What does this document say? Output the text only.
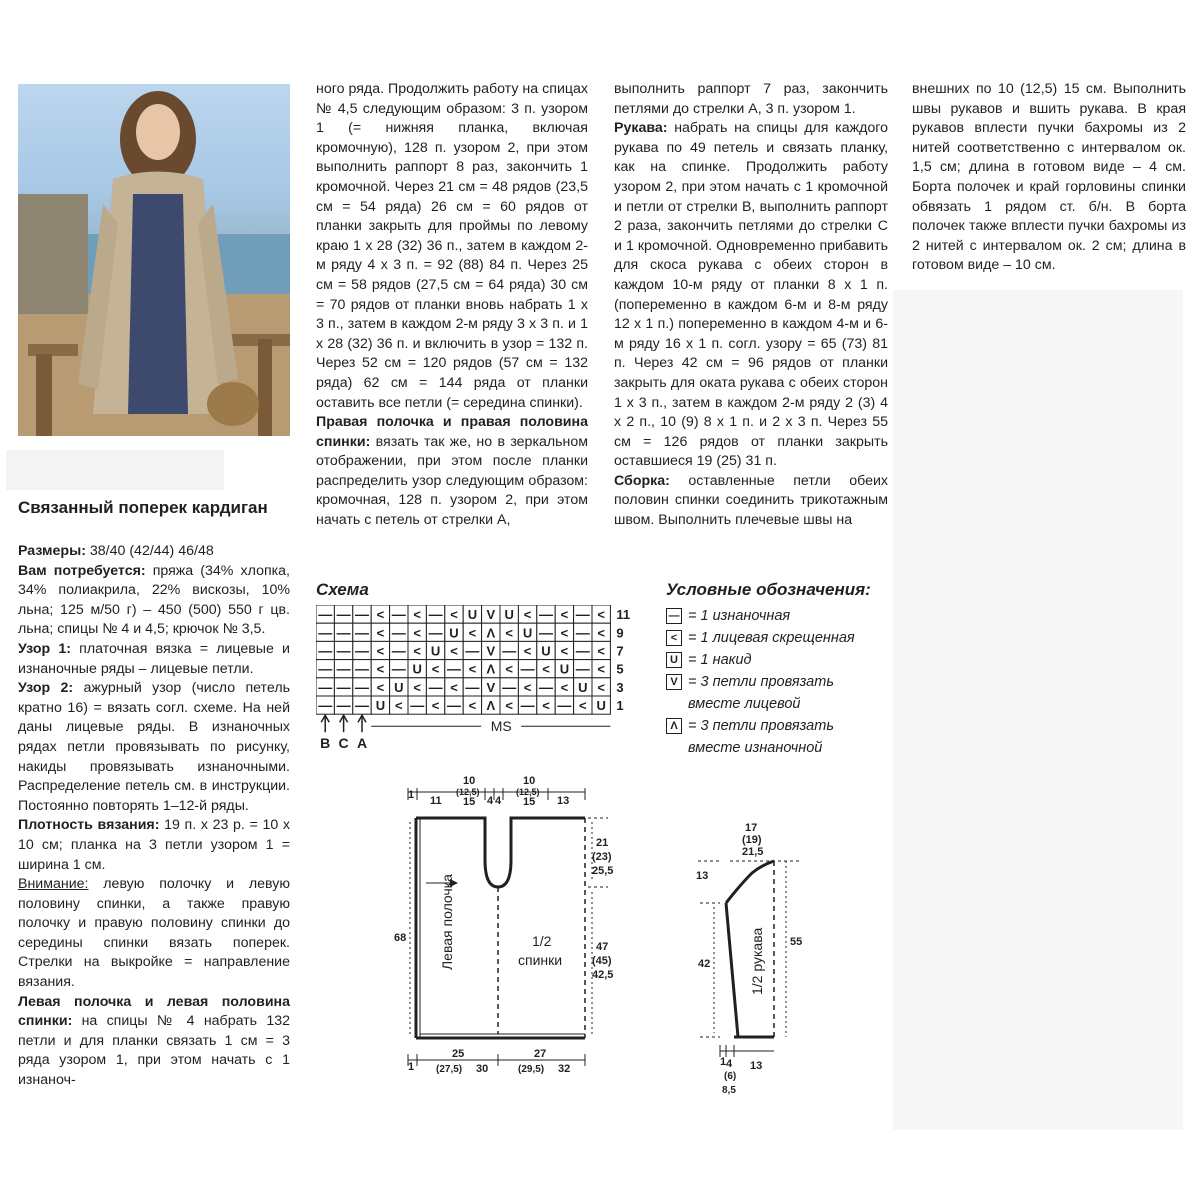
Связанный поперек кардиган

Размеры: 38/40 (42/44) 46/48

Вам потребуется: пряжа (34% хлопка, 34% полиакрила, 22% вискозы, 10% льна; 125 м/50 г) – 450 (500) 550 г цв. льна; спицы № 4 и 4,5; крючок № 3,5.

Узор 1: платочная вязка = лицевые и изнаночные ряды – лицевые петли.

Узор 2: ажурный узор (число петель кратно 16) = вязать согл. схеме. На ней даны лицевые ряды. В изнаночных рядах петли провязывать по рисунку, накиды провязывать изнаночными. Распределение петель см. в инструкции. Постоянно повторять 1–12-й ряды.

Плотность вязания: 19 п. х 23 р. = 10 х 10 см; планка на 3 петли узором 1 = ширина 1 см.

Внимание: левую полочку и левую половину спинки, а также правую полочку и правую половину спинки до середины спинки вязать поперек. Стрелки на выкройке = направление вязания.

Левая полочка и левая половина спинки: на спицы № 4 набрать 132 петли и для планки связать 1 см = 3 ряда узором 1, при этом начать с 1 изнаноч-

ного ряда. Продолжить работу на спицах № 4,5 следующим образом: 3 п. узором 1 (= нижняя планка, включая кромочную), 128 п. узором 2, при этом выполнить раппорт 8 раз, закончить 1 кромочной. Через 21 см = 48 рядов (23,5 см = 54 ряда) 26 см = 60 рядов от планки закрыть для проймы по левому краю 1 х 28 (32) 36 п., затем в каждом 2-м ряду 4 х 3 п. = 92 (88) 84 п. Через 25 см = 58 рядов (27,5 см = 64 ряда) 30 см = 70 рядов от планки вновь набрать 1 х 3 п., затем в каждом 2-м ряду 3 х 3 п. и 1 х 28 (32) 36 п. и включить в узор = 132 п. Через 52 см = 120 рядов (57 см = 132 ряда) 62 см = 144 ряда от планки оставить все петли (= середина спинки).

Правая полочка и правая половина спинки: вязать так же, но в зеркальном отображении, при этом после планки распределить узор следующим образом: кромочная, 128 п. узором 2, при этом начать с петель от стрелки А,

выполнить раппорт 7 раз, закончить петлями до стрелки А, 3 п. узором 1.

Рукава: набрать на спицы для каждого рукава по 49 петель и связать планку, как на спинке. Продолжить работу узором 2, при этом начать с 1 кромочной и петли от стрелки В, выполнить раппорт 2 раза, закончить петлями до стрелки С и 1 кромочной. Одновременно прибавить для скоса рукава с обеих сторон в каждом 10-м ряду от планки 8 х 1 п. (попеременно в каждом 6-м и 8-м ряду 12 х 1 п.) попеременно в каждом 4-м и 6-м ряду 16 х 1 п. согл. узору = 65 (73) 81 п. Через 42 см = 96 рядов от планки закрыть для оката рукава с обеих сторон 1 х 3 п., затем в каждом 2-м ряду 2 (3) 4 х 2 п., 10 (9) 8 х 1 п. и 2 х 3 п. Через 55 см = 126 рядов от планки закрыть оставшиеся 19 (25) 31 п.

Сборка: оставленные петли обеих половин спинки соединить трикотажным швом. Выполнить плечевые швы на

внешних по 10 (12,5) 15 см. Выполнить швы рукавов и вшить рукава. В края рукавов вплести пучки бахромы из 2 нитей соответственно с интервалом ок. 1,5 см; длина в готовом виде – 4 см. Борта полочек и край горловины спинки обвязать 1 рядом ст. б/н. В борта полочек также вплести пучки бахромы из 2 нитей с интервалом ок. 2 см; длина в готовом виде – 10 см.

Схема
— — — < — < — < U V U < — < — <
— — — < — < — U < Λ < U — < — <
— — — < — < U < — V — < U < — <
— — — < — U < — < Λ < — < U — <
— — — < U < — < — V — < — < U <
— — — U < — < — < Λ < — < — < U
11
9
7
5
3
1
B C A
MS
Условные обозначения:
— = 1 изнаночная
< = 1 лицевая скрещенная
U = 1 накид
V = 3 петли провязать вместе лицевой
Λ = 3 петли провязать вместе изнаночной
1 11
10
(12,5)
15 4 4
10
(12,5)
15 13
21
(23)
25,5
47
(45)
42,5
68 Левая полочка	1/2
спинки
1
25
(27,5) 30
27
(29,5) 32
17
(19)
21,5
13
55
42	1/2 рукава
1 4
(6)
8,5
13
